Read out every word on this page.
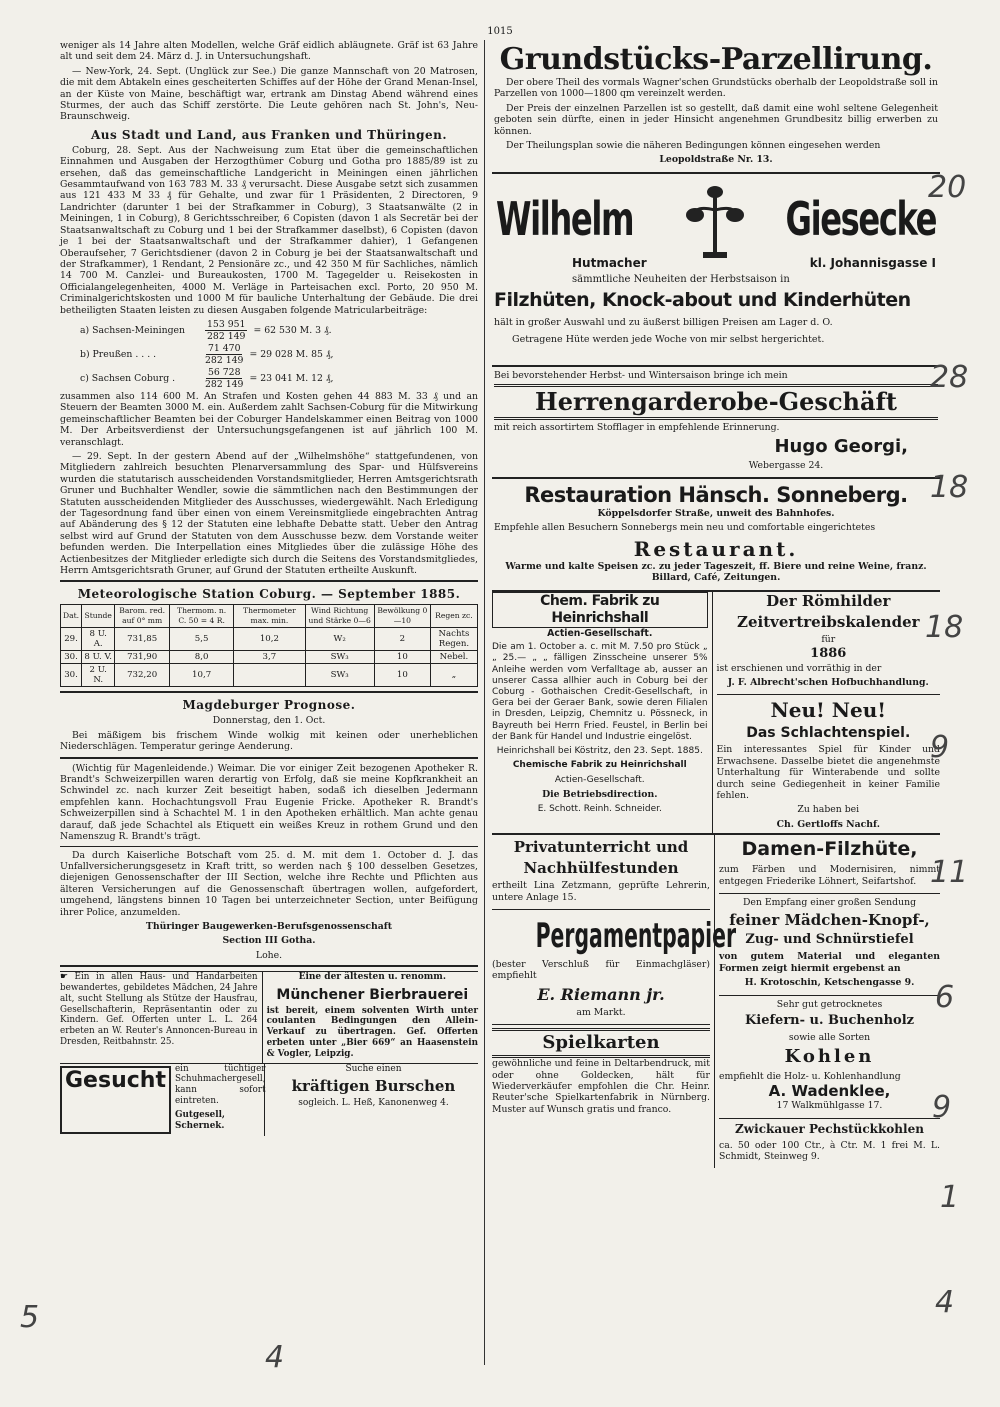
1015

weniger als 14 Jahre alten Modellen, welche Gräf eidlich abläugnete. Gräf ist 63 Jahre alt und seit dem 24. März d. J. in Untersuchungshaft.

— New-York, 24. Sept. (Unglück zur See.) Die ganze Mannschaft von 20 Matrosen, die mit dem Abtakeln eines gescheiterten Schiffes auf der Höhe der Grand Menan-Insel, an der Küste von Maine, beschäftigt war, ertrank am Dinstag Abend während eines Sturmes, der auch das Schiff zerstörte. Die Leute gehören nach St. John's, Neu-Braunschweig.

Aus Stadt und Land, aus Franken und Thüringen.

Coburg, 28. Sept. Aus der Nachweisung zum Etat über die gemeinschaftlichen Einnahmen und Ausgaben der Herzogthümer Coburg und Gotha pro 1885/89 ist zu ersehen, daß das gemeinschaftliche Landgericht in Meiningen einen jährlichen Gesammtaufwand von 163 783 M. 33 ₰ verursacht. Diese Ausgabe setzt sich zusammen aus 121 433 M 33 ₰ für Gehalte, und zwar für 1 Präsidenten, 2 Directoren, 9 Landrichter (darunter 1 bei der Strafkammer in Coburg), 3 Staatsanwälte (2 in Meiningen, 1 in Coburg), 8 Gerichtsschreiber, 6 Copisten (davon 1 als Secretär bei der Staatsanwaltschaft zu Coburg und 1 bei der Strafkammer daselbst), 6 Copisten (davon je 1 bei der Staatsanwaltschaft und der Strafkammer dahier), 1 Gefangenen Oberaufseher, 7 Gerichtsdiener (davon 2 in Coburg je bei der Staatsanwaltschaft und der Strafkammer), 1 Rendant, 2 Pensionäre zc., und 42 350 M für Sachliches, nämlich 14 700 M. Canzlei- und Bureaukosten, 1700 M. Tagegelder u. Reisekosten in Officialangelegenheiten, 4000 M. Verläge in Parteisachen excl. Porto, 20 950 M. Criminalgerichtskosten und 1000 M für bauliche Unterhaltung der Gebäude. Die drei betheiligten Staaten leisten zu diesen Ausgaben folgende Matricularbeiträge:

a) Sachsen-Meiningen	$\frac{153 951}{282 149} = 62$ 530 M. 3 ₰.
b) Preußen . . . .	$\frac{71 470}{282 149} = 29$ 028 M. 85 ₰,
c) Sachsen Coburg .	$\frac{56 728}{282 149} = 23$ 041 M. 12 ₰,

zusammen also 114 600 M. An Strafen und Kosten gehen 44 883 M. 33 ₰ und an Steuern der Beamten 3000 M. ein. Außerdem zahlt Sachsen-Coburg für die Mitwirkung gemeinschaftlicher Beamten bei der Coburger Handelskammer einen Beitrag von 1000 M. Der Arbeitsverdienst der Untersuchungsgefangenen ist auf jährlich 100 M. veranschlagt.

— 29. Sept. In der gestern Abend auf der „Wilhelmshöhe“ stattgefundenen, von Mitgliedern zahlreich besuchten Plenarversammlung des Spar- und Hülfsvereins wurden die statutarisch ausscheidenden Vorstandsmitglieder, Herren Amtsgerichtsrath Gruner und Buchhalter Wendler, sowie die sämmtlichen nach den Bestimmungen der Statuten ausscheidenden Mitglieder des Ausschusses, wiedergewählt. Nach Erledigung der Tagesordnung fand über einen von einem Vereinsmitgliede eingebrachten Antrag auf Abänderung des § 12 der Statuten eine lebhafte Debatte statt. Ueber den Antrag selbst wird auf Grund der Statuten von dem Ausschusse bezw. dem Vorstande weiter befunden werden. Die Interpellation eines Mitgliedes über die zulässige Höhe des Actienbesitzes der Mitglieder erledigte sich durch die Seitens des Vorstandsmitgliedes, Herrn Amtsgerichtsrath Gruner, auf Grund der Statuten ertheilte Auskunft.

Meteorologische Station Coburg. — September 1885.
Dat.	Stunde	Barom. red. auf 0° mm	Thermom. n. C. 50 = 4 R.	Thermometer max. min.	Wind Richtung und Stärke 0—6	Bewölkung 0—10	Regen zc.
29.	8 U. A.	731,85	5,5	10,2	W₂	2	Nachts Regen.
30.	8 U. V.	731,90	8,0	3,7	SW₃	10	Nebel.
30.	2 U. N.	732,20	10,7		SW₃	10	„
Magdeburger Prognose.

Donnerstag, den 1. Oct.

Bei mäßigem bis frischem Winde wolkig mit keinen oder unerheblichen Niederschlägen. Temperatur geringe Aenderung.

(Wichtig für Magenleidende.) Weimar. Die vor einiger Zeit bezogenen Apotheker R. Brandt's Schweizerpillen waren derartig von Erfolg, daß sie meine Kopfkrankheit an Schwindel zc. nach kurzer Zeit beseitigt haben, sodaß ich dieselben Jedermann empfehlen kann. Hochachtungsvoll Frau Eugenie Fricke. Apotheker R. Brandt's Schweizerpillen sind à Schachtel M. 1 in den Apotheken erhältlich. Man achte genau darauf, daß jede Schachtel als Etiquett ein weißes Kreuz in rothem Grund und den Namenszug R. Brandt's trägt.

Da durch Kaiserliche Botschaft vom 25. d. M. mit dem 1. October d. J. das Unfallversicherungsgesetz in Kraft tritt, so werden nach § 100 desselben Gesetzes, diejenigen Genossenschafter der III Section, welche ihre Rechte und Pflichten aus älteren Versicherungen auf die Genossenschaft übertragen wollen, aufgefordert, umgehend, längstens binnen 10 Tagen bei unterzeichneter Section, unter Beifügung ihrer Police, anzumelden.

Thüringer Baugewerken-Berufsgenossenschaft

Section III Gotha.

Lohe.

☛ Ein in allen Haus- und Handarbeiten bewandertes, gebildetes Mädchen, 24 Jahre alt, sucht Stellung als Stütze der Hausfrau, Gesellschafterin, Repräsentantin oder zu Kindern. Gef. Offerten unter L. L. 264 erbeten an W. Reuter's Annoncen-Bureau in Dresden, Reitbahnstr. 25.

Eine der ältesten u. renomm.

Münchener Bierbrauerei

ist bereit, einem solventen Wirth unter coulanten Bedingungen den Allein-Verkauf zu übertragen. Gef. Offerten erbeten unter „Bier 669“ an Haasenstein & Vogler, Leipzig.

Gesucht	ein tüchtiger Schuhmachergesell, kann sofort eintreten.

Gutgesell, Schernek.

Suche einen

kräftigen Burschen

sogleich. L. Heß, Kanonenweg 4.

Grundstücks-Parzellirung.

Der obere Theil des vormals Wagner'schen Grundstücks oberhalb der Leopoldstraße soll in Parzellen von 1000—1800 qm vereinzelt werden.

Der Preis der einzelnen Parzellen ist so gestellt, daß damit eine wohl seltene Gelegenheit geboten sein dürfte, einen in jeder Hinsicht angenehmen Grundbesitz billig erwerben zu können.

Der Theilungsplan sowie die näheren Bedingungen können eingesehen werden

Leopoldstraße Nr. 13.

Wilhelm	Giesecke
Hutmacher	kl. Johannisgasse I
sämmtliche Neuheiten der Herbstsaison in
Filzhüten, Knock-about und Kinderhüten
hält in großer Auswahl und zu äußerst billigen Preisen am Lager d. O.
Getragene Hüte werden jede Woche von mir selbst hergerichtet.

Bei bevorstehender Herbst- und Wintersaison bringe ich mein

Herrengarderobe-Geschäft

mit reich assortirtem Stofflager in empfehlende Erinnerung.

Hugo Georgi,

Webergasse 24.

Restauration Hänsch. Sonneberg.

Köppelsdorfer Straße, unweit des Bahnhofes.

Empfehle allen Besuchern Sonnebergs mein neu und comfortable eingerichtetes

Restaurant.

Warme und kalte Speisen zc. zu jeder Tageszeit, ff. Biere und reine Weine, franz. Billard, Café, Zeitungen.

Chem. Fabrik zu Heinrichshall

Actien-Gesellschaft.

Die am 1. October a. c. mit M. 7.50 pro Stück „ „ 25.— „ „ fälligen Zinsscheine unserer 5% Anleihe werden vom Verfalltage ab, ausser an unserer Cassa allhier auch in Coburg bei der Coburg - Gothaischen Credit-Gesellschaft, in Gera bei der Geraer Bank, sowie deren Filialen in Dresden, Leipzig, Chemnitz u. Pössneck, in Bayreuth bei Herrn Fried. Feustel, in Berlin bei der Bank für Handel und Industrie eingelöst.

Heinrichshall bei Köstritz, den 23. Sept. 1885.

Chemische Fabrik zu Heinrichshall

Actien-Gesellschaft.

Die Betriebsdirection.

E. Schott. Reinh. Schneider.

Der Römhilder

Zeitvertreibskalender

für

1886

ist erschienen und vorräthig in der

J. F. Albrecht'schen Hofbuchhandlung.

Neu! Neu!

Das Schlachtenspiel.

Ein interessantes Spiel für Kinder und Erwachsene. Dasselbe bietet die angenehmste Unterhaltung für Winterabende und sollte durch seine Gediegenheit in keiner Familie fehlen.

Zu haben bei

Ch. Gertloffs Nachf.

Privatunterricht und

Nachhülfestunden

ertheilt Lina Zetzmann, geprüfte Lehrerin, untere Anlage 15.

Pergamentpapier

(bester Verschluß für Einmachgläser) empfiehlt

E. Riemann jr.

am Markt.

Spielkarten

gewöhnliche und feine in Deltarbendruck, mit oder ohne Goldecken, hält für Wiederverkäufer empfohlen die Chr. Heinr. Reuter'sche Spielkartenfabrik in Nürnberg. Muster auf Wunsch gratis und franco.

Damen-Filzhüte,

zum Färben und Modernisiren, nimmt entgegen Friederike Löhnert, Seifartshof.

Den Empfang einer großen Sendung

feiner Mädchen-Knopf-,

Zug- und Schnürstiefel

von gutem Material und eleganten Formen zeigt hiermit ergebenst an

H. Krotoschin, Ketschengasse 9.

Sehr gut getrocknetes

Kiefern- u. Buchenholz

sowie alle Sorten

Kohlen

empfiehlt die Holz- u. Kohlenhandlung

A. Wadenklee,

17 Walkmühlgasse 17.

Zwickauer Pechstückkohlen

ca. 50 oder 100 Ctr., à Ctr. M. 1 frei M. L. Schmidt, Steinweg 9.

20
28
18
18
9
11
6
9
1
4
4
5
